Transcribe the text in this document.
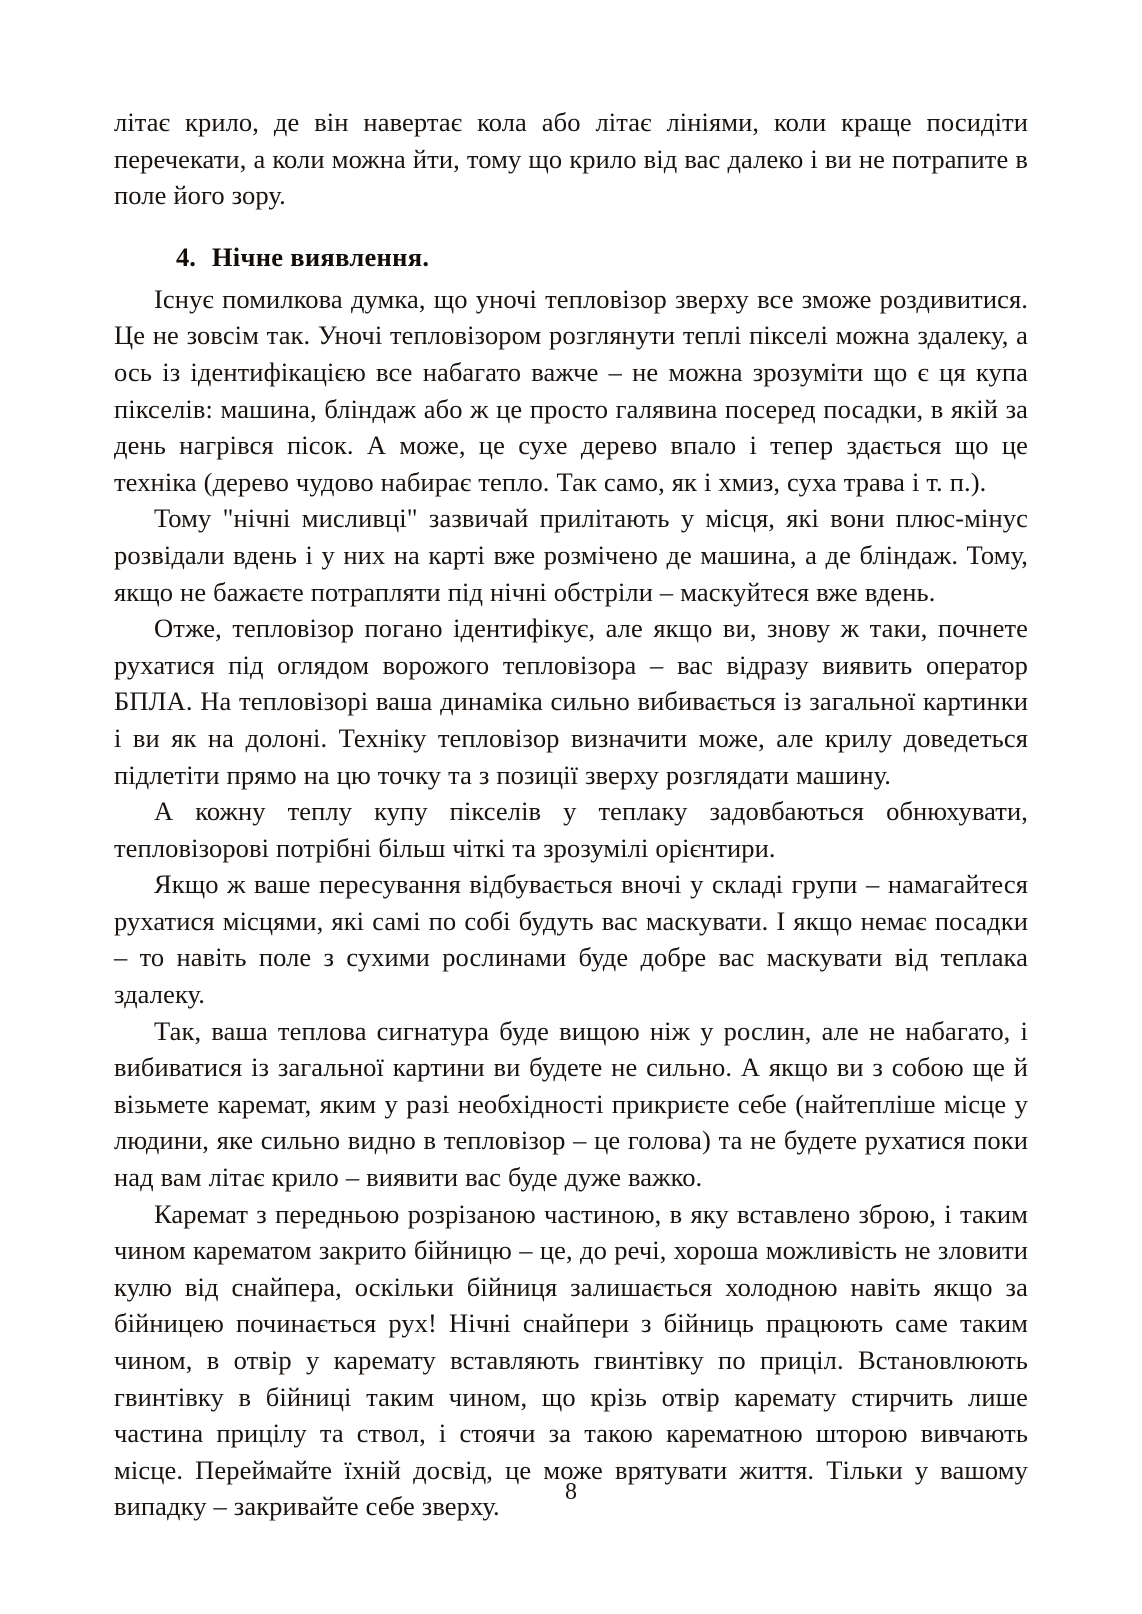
літає крило, де він навертає кола або літає лініями, коли краще посидіти перечекати, а коли можна йти, тому що крило від вас далеко і ви не потрапите в поле його зору.

4. Нічне виявлення.

Існує помилкова думка, що уночі тепловізор зверху все зможе роздивитися. Це не зовсім так. Уночі тепловізором розглянути теплі пікселі можна здалеку, а ось із ідентифікацією все набагато важче – не можна зрозуміти що є ця купа пікселів: машина, бліндаж або ж це просто галявина посеред посадки, в якій за день нагрівся пісок. А може, це сухе дерево впало і тепер здається що це техніка (дерево чудово набирає тепло. Так само, як і хмиз, суха трава і т. п.).

Тому "нічні мисливці" зазвичай прилітають у місця, які вони плюс-мінус розвідали вдень і у них на карті вже розмічено де машина, а де бліндаж. Тому, якщо не бажаєте потрапляти під нічні обстріли – маскуйтеся вже вдень.

Отже, тепловізор погано ідентифікує, але якщо ви, знову ж таки, почнете рухатися під оглядом ворожого тепловізора – вас відразу виявить оператор БПЛА. На тепловізорі ваша динаміка сильно вибивається із загальної картинки і ви як на долоні. Техніку тепловізор визначити може, але крилу доведеться підлетіти прямо на цю точку та з позиції зверху розглядати машину.

А кожну теплу купу пікселів у теплаку задовбаються обнюхувати, тепловізорові потрібні більш чіткі та зрозумілі орієнтири.

Якщо ж ваше пересування відбувається вночі у складі групи – намагайтеся рухатися місцями, які самі по собі будуть вас маскувати. І якщо немає посадки – то навіть поле з сухими рослинами буде добре вас маскувати від теплака здалеку.

Так, ваша теплова сигнатура буде вищою ніж у рослин, але не набагато, і вибиватися із загальної картини ви будете не сильно. А якщо ви з собою ще й візьмете каремат, яким у разі необхідності прикриєте себе (найтепліше місце у людини, яке сильно видно в тепловізор – це голова) та не будете рухатися поки над вам літає крило – виявити вас буде дуже важко.

Каремат з передньою розрізаною частиною, в яку вставлено зброю, і таким чином карематом закрито бійницю – це, до речі, хороша можливість не зловити кулю від снайпера, оскільки бійниця залишається холодною навіть якщо за бійницею починається рух! Нічні снайпери з бійниць працюють саме таким чином, в отвір у каремату вставляють гвинтівку по приціл. Встановлюють гвинтівку в бійниці таким чином, що крізь отвір каремату стирчить лише частина прицілу та ствол, і стоячи за такою карематною шторою вивчають місце. Переймайте їхній досвід, це може врятувати життя. Тільки у вашому випадку – закривайте себе зверху.	8
